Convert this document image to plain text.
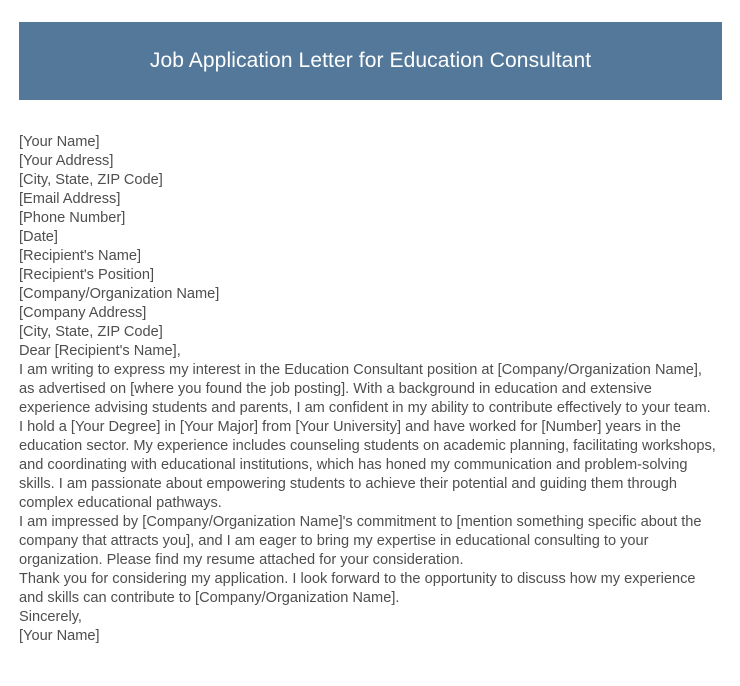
Job Application Letter for Education Consultant
[Your Name]
[Your Address]
[City, State, ZIP Code]
[Email Address]
[Phone Number]
[Date]
[Recipient's Name]
[Recipient's Position]
[Company/Organization Name]
[Company Address]
[City, State, ZIP Code]
Dear [Recipient's Name],
I am writing to express my interest in the Education Consultant position at [Company/Organization Name], as advertised on [where you found the job posting]. With a background in education and extensive experience advising students and parents, I am confident in my ability to contribute effectively to your team.
I hold a [Your Degree] in [Your Major] from [Your University] and have worked for [Number] years in the education sector. My experience includes counseling students on academic planning, facilitating workshops, and coordinating with educational institutions, which has honed my communication and problem-solving skills. I am passionate about empowering students to achieve their potential and guiding them through complex educational pathways.
I am impressed by [Company/Organization Name]'s commitment to [mention something specific about the company that attracts you], and I am eager to bring my expertise in educational consulting to your organization. Please find my resume attached for your consideration.
Thank you for considering my application. I look forward to the opportunity to discuss how my experience and skills can contribute to [Company/Organization Name].
Sincerely,
[Your Name]
